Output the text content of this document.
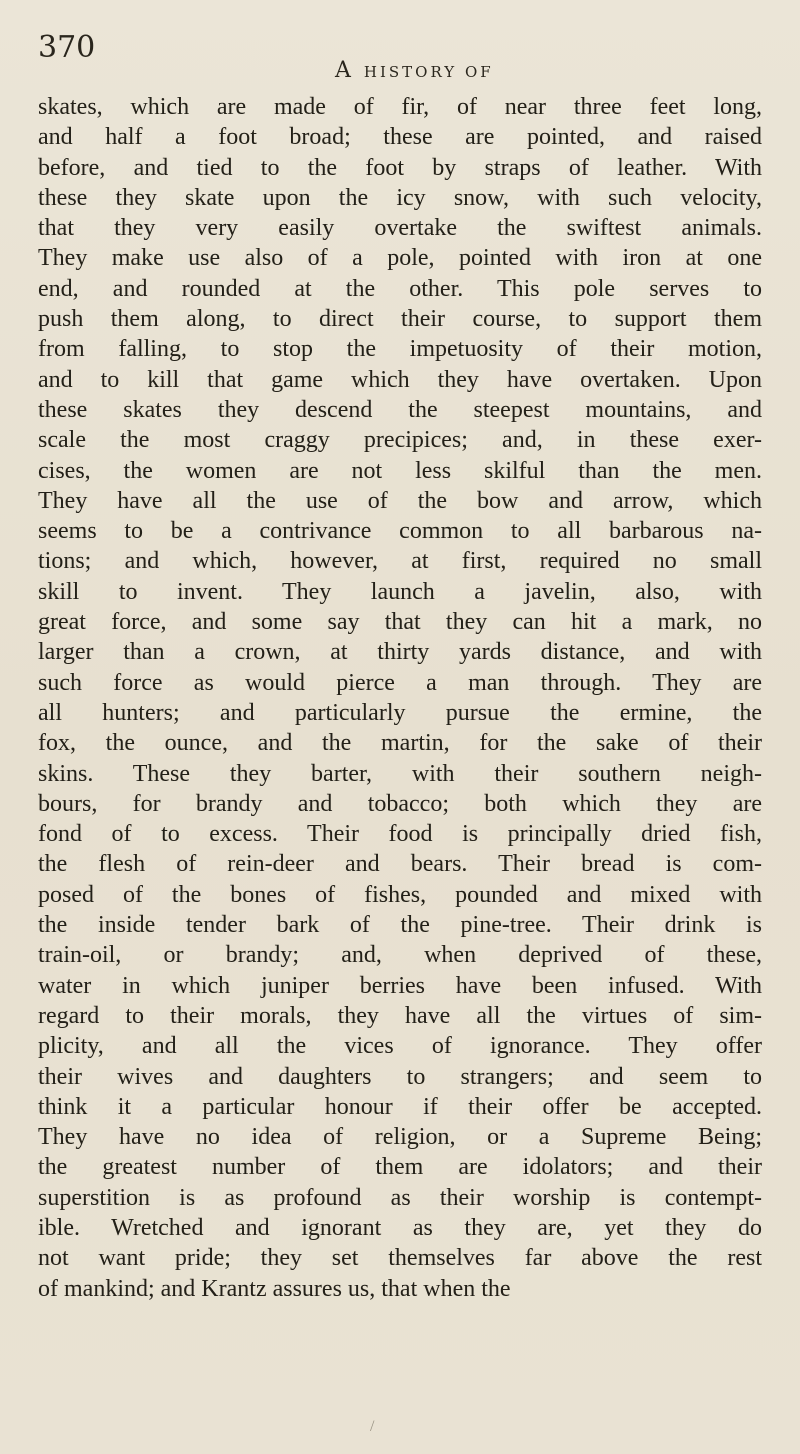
370
A HISTORY OF
skates, which are made of fir, of near three feet long,
and half a foot broad; these are pointed, and raised
before, and tied to the foot by straps of leather. With
these they skate upon the icy snow, with such velocity,
that they very easily overtake the swiftest animals.
They make use also of a pole, pointed with iron at one
end, and rounded at the other. This pole serves to
push them along, to direct their course, to support them
from falling, to stop the impetuosity of their motion,
and to kill that game which they have overtaken. Upon
these skates they descend the steepest mountains, and
scale the most craggy precipices; and, in these exer-
cises, the women are not less skilful than the men.
They have all the use of the bow and arrow, which
seems to be a contrivance common to all barbarous na-
tions; and which, however, at first, required no small
skill to invent. They launch a javelin, also, with
great force, and some say that they can hit a mark, no
larger than a crown, at thirty yards distance, and with
such force as would pierce a man through. They are
all hunters; and particularly pursue the ermine, the
fox, the ounce, and the martin, for the sake of their
skins. These they barter, with their southern neigh-
bours, for brandy and tobacco; both which they are
fond of to excess. Their food is principally dried fish,
the flesh of rein-deer and bears. Their bread is com-
posed of the bones of fishes, pounded and mixed with
the inside tender bark of the pine-tree. Their drink is
train-oil, or brandy; and, when deprived of these,
water in which juniper berries have been infused. With
regard to their morals, they have all the virtues of sim-
plicity, and all the vices of ignorance. They offer
their wives and daughters to strangers; and seem to
think it a particular honour if their offer be accepted.
They have no idea of religion, or a Supreme Being;
the greatest number of them are idolators; and their
superstition is as profound as their worship is contempt-
ible. Wretched and ignorant as they are, yet they do
not want pride; they set themselves far above the rest
of mankind; and Krantz assures us, that when the
/
